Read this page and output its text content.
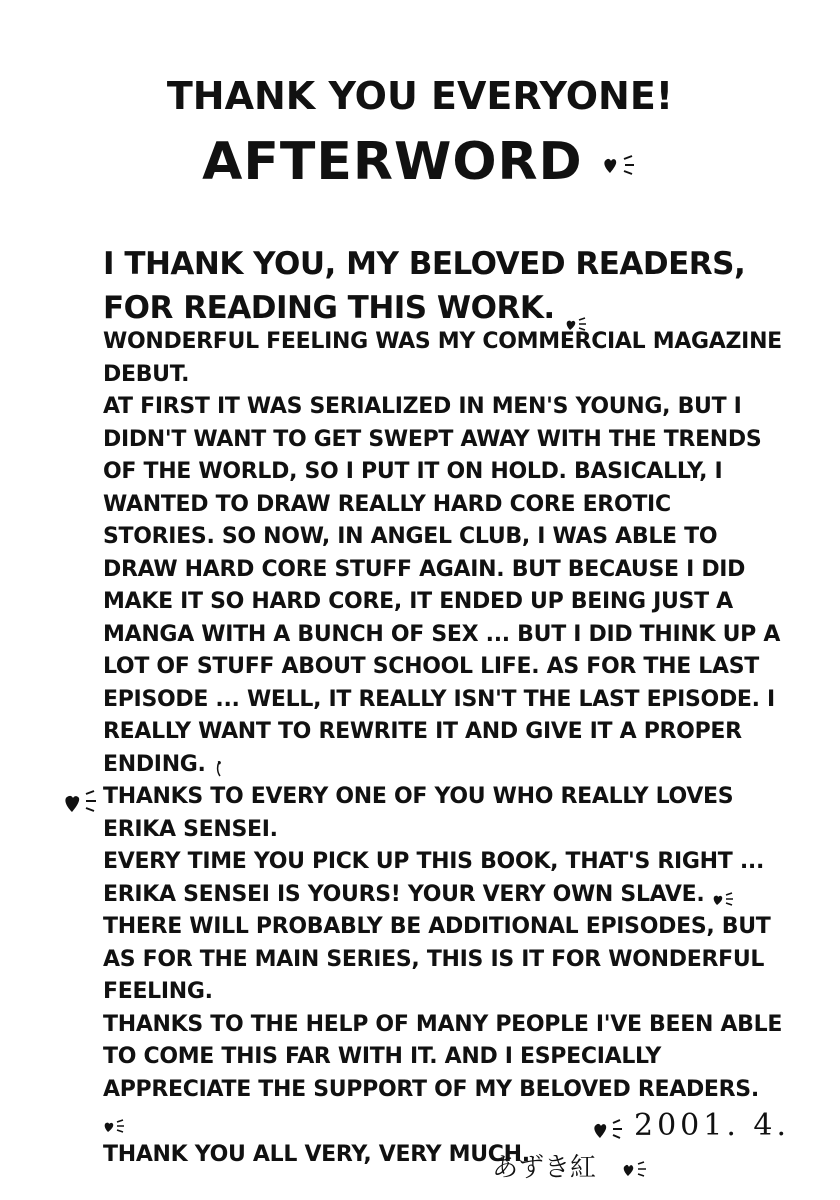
THANK YOU EVERYONE!
AFTERWORD
I THANK YOU, MY BELOVED READERS,
FOR READING THIS WORK.
WONDERFUL FEELING WAS MY COMMERCIAL MAGAZINE DEBUT.
AT FIRST IT WAS SERIALIZED IN MEN'S YOUNG, BUT I DIDN'T WANT TO GET SWEPT AWAY WITH THE TRENDS OF THE WORLD, SO I PUT IT ON HOLD. BASICALLY, I WANTED TO DRAW REALLY HARD CORE EROTIC STORIES. SO NOW, IN ANGEL CLUB, I WAS ABLE TO DRAW HARD CORE STUFF AGAIN. BUT BECAUSE I DID MAKE IT SO HARD CORE, IT ENDED UP BEING JUST A MANGA WITH A BUNCH OF SEX ... BUT I DID THINK UP A LOT OF STUFF ABOUT SCHOOL LIFE. AS FOR THE LAST EPISODE ... WELL, IT REALLY ISN'T THE LAST EPISODE. I REALLY WANT TO REWRITE IT AND GIVE IT A PROPER ENDING.
THANKS TO EVERY ONE OF YOU WHO REALLY LOVES ERIKA SENSEI.
EVERY TIME YOU PICK UP THIS BOOK, THAT'S RIGHT ... ERIKA SENSEI IS YOURS! YOUR VERY OWN SLAVE.
THERE WILL PROBABLY BE ADDITIONAL EPISODES, BUT AS FOR THE MAIN SERIES, THIS IS IT FOR WONDERFUL FEELING.
THANKS TO THE HELP OF MANY PEOPLE I'VE BEEN ABLE TO COME THIS FAR WITH IT. AND I ESPECIALLY APPRECIATE THE SUPPORT OF MY BELOVED READERS.
THANK YOU ALL VERY, VERY MUCH.
2001. 4.
あずき紅
